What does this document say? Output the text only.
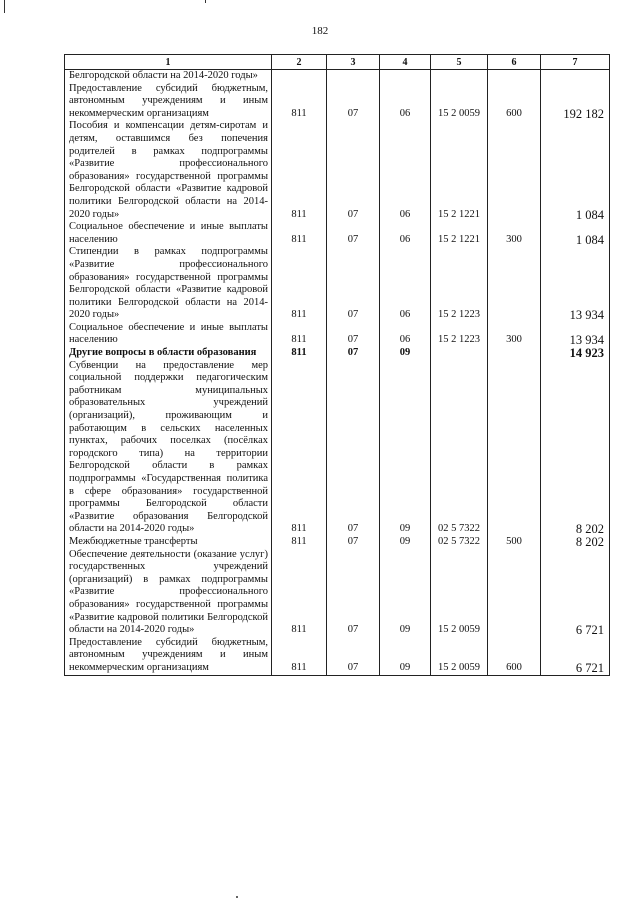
182
1	2	3	4	5	6	7
Белгородской области на 2014-2020 годы»						
Предоставление субсидий бюджетным, автономным учреждениям и иным некоммерческим организациям	811	07	06	15 2 0059	600	192 182
Пособия и компенсации детям-сиротам и детям, оставшимся без попечения родителей в рамках подпрограммы «Развитие профессионального образования» государственной программы Белгородской области «Развитие кадровой политики Белгородской области на 2014-2020 годы»	811	07	06	15 2 1221		1 084
Социальное обеспечение и иные выплаты населению	811	07	06	15 2 1221	300	1 084
Стипендии в рамках подпрограммы «Развитие профессионального образования» государственной программы Белгородской области «Развитие кадровой политики Белгородской области на 2014-2020 годы»	811	07	06	15 2 1223		13 934
Социальное обеспечение и иные выплаты населению	811	07	06	15 2 1223	300	13 934
Другие вопросы в области образования	811	07	09			14 923
Субвенции на предоставление мер социальной поддержки педагогическим работникам муниципальных образовательных учреждений (организаций), проживающим и работающим в сельских населенных пунктах, рабочих поселках (посёлках городского типа) на территории Белгородской области в рамках подпрограммы «Государственная политика в сфере образования» государственной программы Белгородской области «Развитие образования Белгородской области на 2014-2020 годы»	811	07	09	02 5 7322		8 202
Межбюджетные трансферты	811	07	09	02 5 7322	500	8 202
Обеспечение деятельности (оказание услуг) государственных учреждений (организаций) в рамках подпрограммы «Развитие профессионального образования» государственной программы «Развитие кадровой политики Белгородской области на 2014-2020 годы»	811	07	09	15 2 0059		6 721
Предоставление субсидий бюджетным, автономным учреждениям и иным некоммерческим организациям	811	07	09	15 2 0059	600	6 721
